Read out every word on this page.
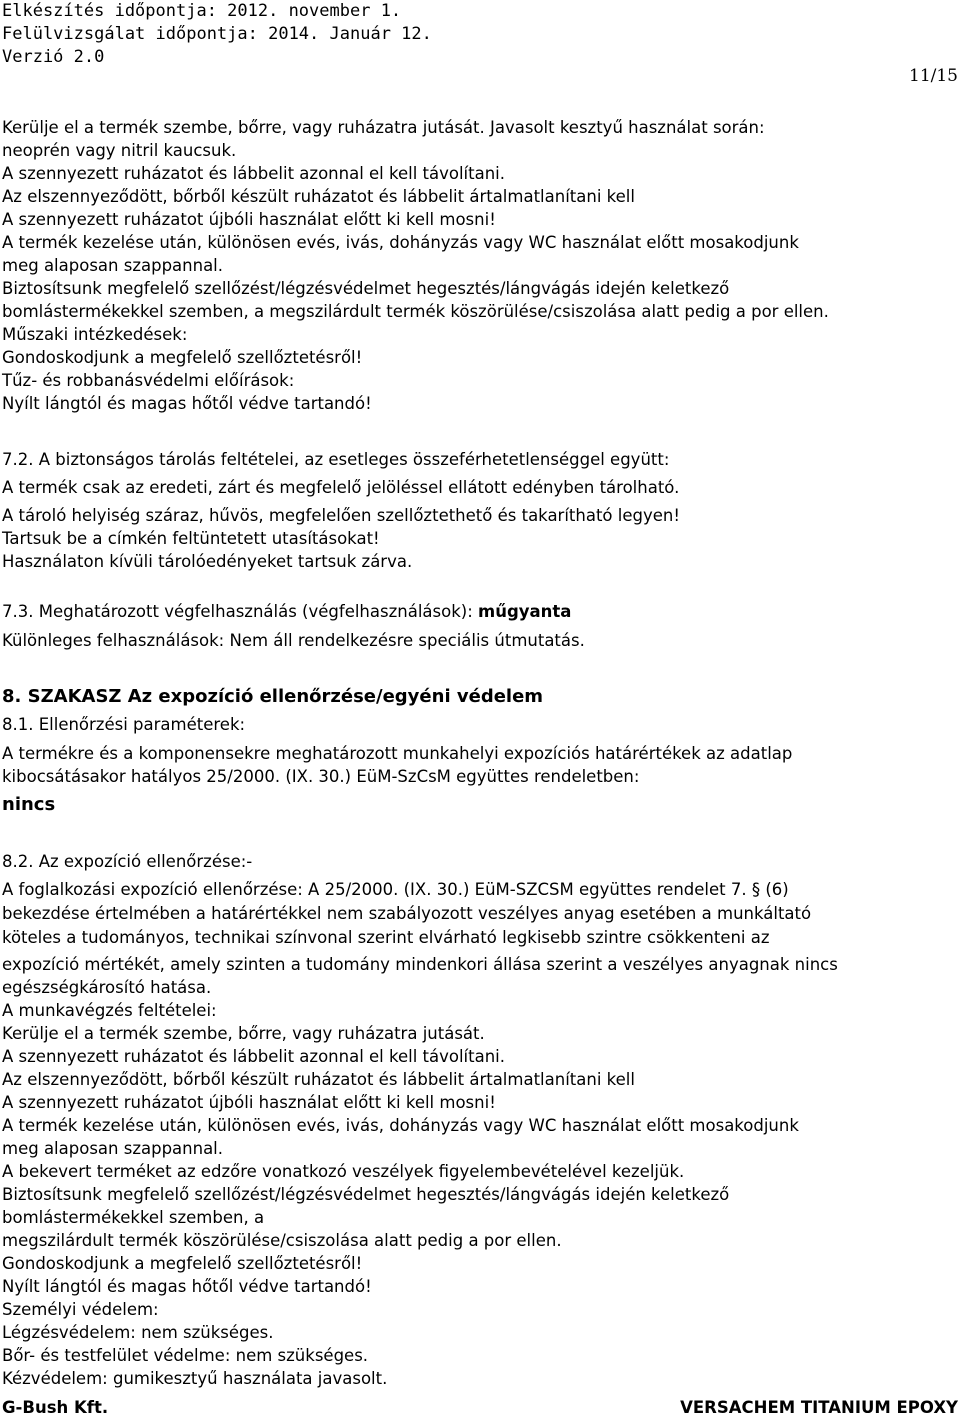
Elkészítés időpontja: 2012. november 1.
Felülvizsgálat időpontja: 2014. Január 12.
Verzió 2.0
11/15
Kerülje el a termék szembe, bőrre, vagy ruházatra jutását. Javasolt kesztyű használat során:
neoprén vagy nitril kaucsuk.
A szennyezett ruházatot és lábbelit azonnal el kell távolítani.
Az elszennyeződött, bőrből készült ruházatot és lábbelit ártalmatlanítani kell
A szennyezett ruházatot újbóli használat előtt ki kell mosni!
A termék kezelése után, különösen evés, ivás, dohányzás vagy WC használat előtt mosakodjunk
meg alaposan szappannal.
Biztosítsunk megfelelő szellőzést/légzésvédelmet hegesztés/lángvágás idején keletkező
bomlástermékekkel szemben, a megszilárdult termék köszörülése/csiszolása alatt pedig a por ellen.
Műszaki intézkedések:
Gondoskodjunk a megfelelő szellőztetésről!
Tűz- és robbanásvédelmi előírások:
Nyílt lángtól és magas hőtől védve tartandó!
7.2. A biztonságos tárolás feltételei, az esetleges összeférhetetlenséggel együtt:
A termék csak az eredeti, zárt és megfelelő jelöléssel ellátott edényben tárolható.
A tároló helyiség száraz, hűvös, megfelelően szellőztethető és takarítható legyen!
Tartsuk be a címkén feltüntetett utasításokat!
Használaton kívüli tárolóedényeket tartsuk zárva.
7.3. Meghatározott végfelhasználás (végfelhasználások): műgyanta
Különleges felhasználások: Nem áll rendelkezésre speciális útmutatás.
8. SZAKASZ Az expozíció ellenőrzése/egyéni védelem
8.1. Ellenőrzési paraméterek:
A termékre és a komponensekre meghatározott munkahelyi expozíciós határértékek az adatlap
kibocsátásakor hatályos 25/2000. (IX. 30.) EüM-SzCsM együttes rendeletben:
nincs
8.2. Az expozíció ellenőrzése:-
A foglalkozási expozíció ellenőrzése: A 25/2000. (IX. 30.) EüM-SZCSM együttes rendelet 7. § (6)
bekezdése értelmében a határértékkel nem szabályozott veszélyes anyag esetében a munkáltató
köteles a tudományos, technikai színvonal szerint elvárható legkisebb szintre csökkenteni az
expozíció mértékét, amely szinten a tudomány mindenkori állása szerint a veszélyes anyagnak nincs
egészségkárosító hatása.
A munkavégzés feltételei:
Kerülje el a termék szembe, bőrre, vagy ruházatra jutását.
A szennyezett ruházatot és lábbelit azonnal el kell távolítani.
Az elszennyeződött, bőrből készült ruházatot és lábbelit ártalmatlanítani kell
A szennyezett ruházatot újbóli használat előtt ki kell mosni!
A termék kezelése után, különösen evés, ivás, dohányzás vagy WC használat előtt mosakodjunk
meg alaposan szappannal.
A bekevert terméket az edzőre vonatkozó veszélyek figyelembevételével kezeljük.
Biztosítsunk megfelelő szellőzést/légzésvédelmet hegesztés/lángvágás idején keletkező
bomlástermékekkel szemben, a
megszilárdult termék köszörülése/csiszolása alatt pedig a por ellen.
Gondoskodjunk a megfelelő szellőztetésről!
Nyílt lángtól és magas hőtől védve tartandó!
Személyi védelem:
Légzésvédelem: nem szükséges.
Bőr- és testfelület védelme: nem szükséges.
Kézvédelem: gumikesztyű használata javasolt.
G-Bush Kft.	VERSACHEM TITANIUM EPOXY
